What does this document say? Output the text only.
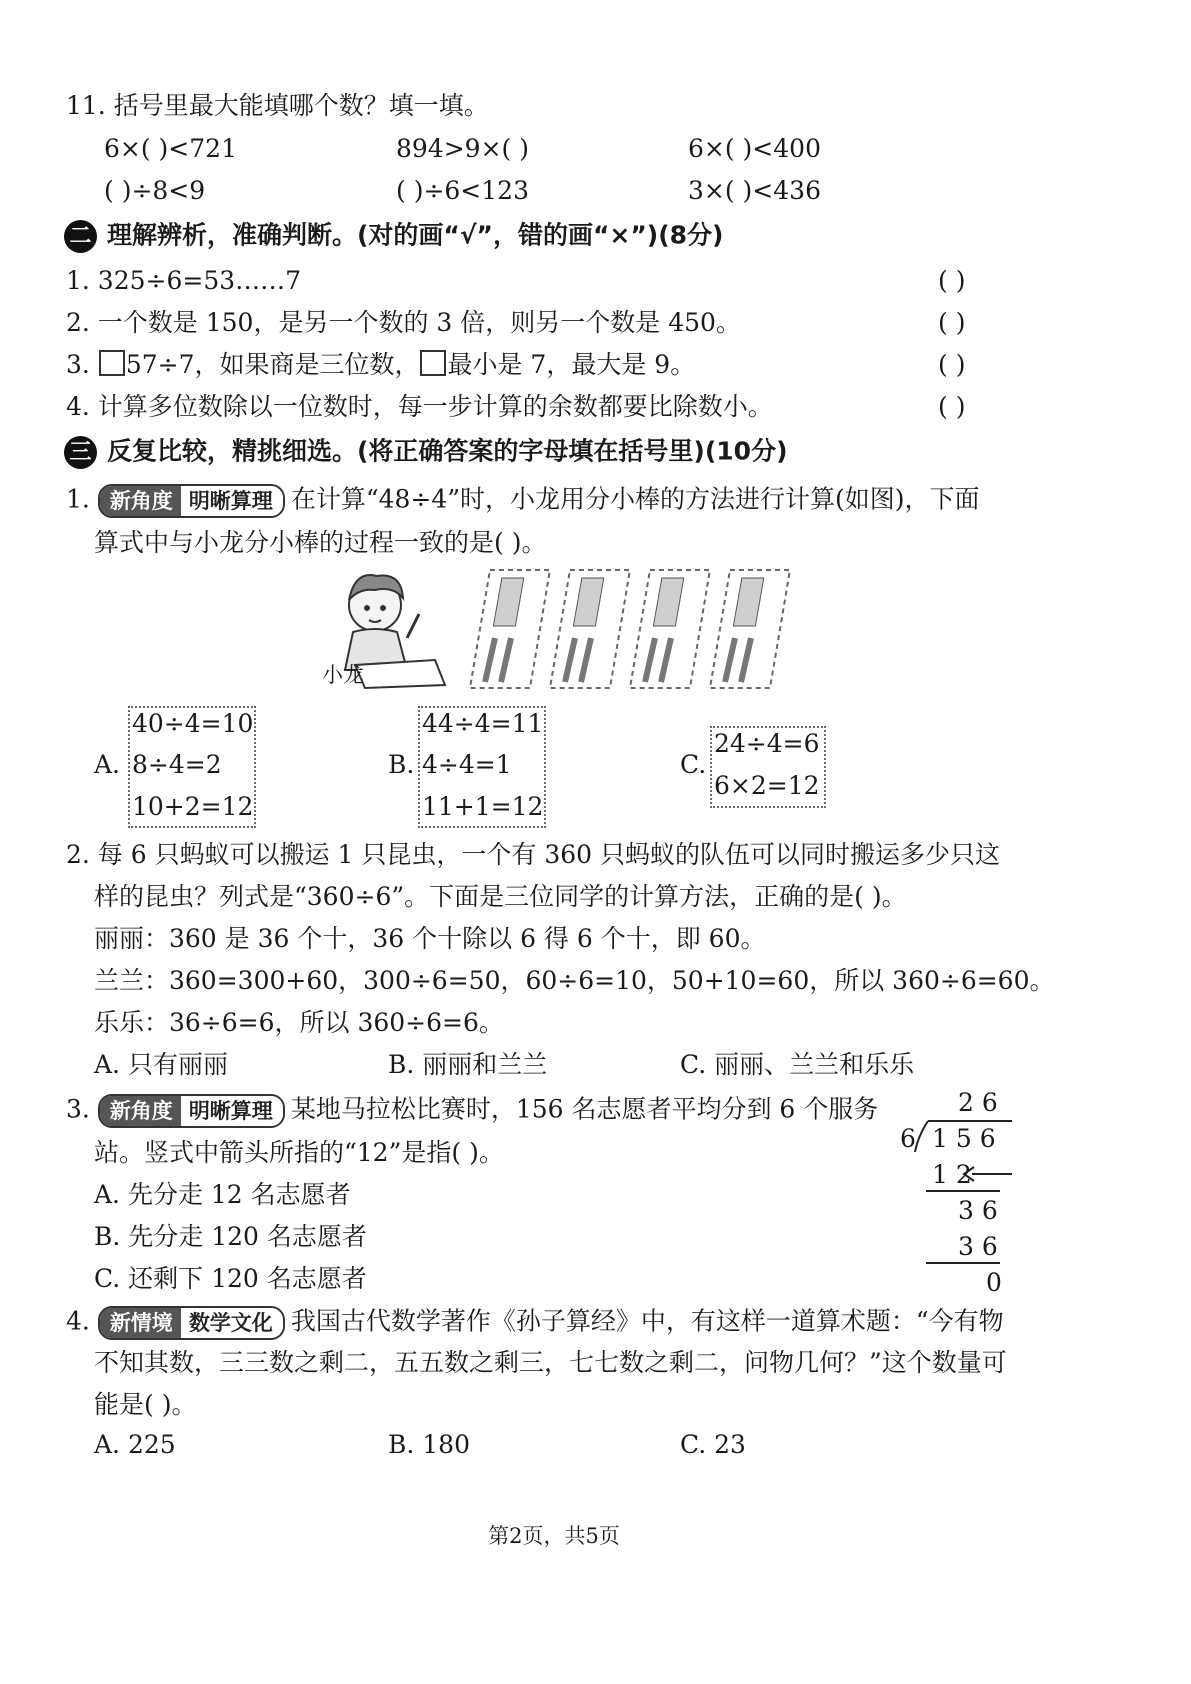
11. 括号里最大能填哪个数？填一填。
6×( )<721	894>9×( )	6×( )<400
( )÷8<9	( )÷6<123	3×( )<436
二 理解辨析，准确判断。(对的画“√”，错的画“×”)(8分)
1. 325÷6=53……7	( )
2. 一个数是 150，是另一个数的 3 倍，则另一个数是 450。	( )
3. 57÷7，如果商是三位数， 最小是 7，最大是 9。	( )
4. 计算多位数除以一位数时，每一步计算的余数都要比除数小。	( )
三 反复比较，精挑细选。(将正确答案的字母填在括号里)(10分)
1. 新角度 明晰算理 在计算“48÷4”时，小龙用分小棒的方法进行计算(如图)，下面
算式中与小龙分小棒的过程一致的是( )。
小龙
A.
40÷4=10
8÷4=2
10+2=12
B.
44÷4=11
4÷4=1
11+1=12
C.
24÷4=6
6×2=12
2. 每 6 只蚂蚁可以搬运 1 只昆虫，一个有 360 只蚂蚁的队伍可以同时搬运多少只这
样的昆虫？列式是“360÷6”。下面是三位同学的计算方法，正确的是( )。
丽丽：360 是 36 个十，36 个十除以 6 得 6 个十，即 60。
兰兰：360=300+60，300÷6=50，60÷6=10，50+10=60，所以 360÷6=60。
乐乐：36÷6=6，所以 360÷6=6。
A. 只有丽丽	B. 丽丽和兰兰	C. 丽丽、兰兰和乐乐
3. 新角度 明晰算理 某地马拉松比赛时，156 名志愿者平均分到 6 个服务
站。竖式中箭头所指的“12”是指( )。
A. 先分走 12 名志愿者
B. 先分走 120 名志愿者
C. 还剩下 120 名志愿者
2 6
6 1 5 6
1 2
3 6
3 6
0
4. 新情境 数学文化 我国古代数学著作《孙子算经》中，有这样一道算术题：“今有物
不知其数，三三数之剩二，五五数之剩三，七七数之剩二，问物几何？”这个数量可
能是( )。
A. 225	B. 180	C. 23
第2页，共5页
